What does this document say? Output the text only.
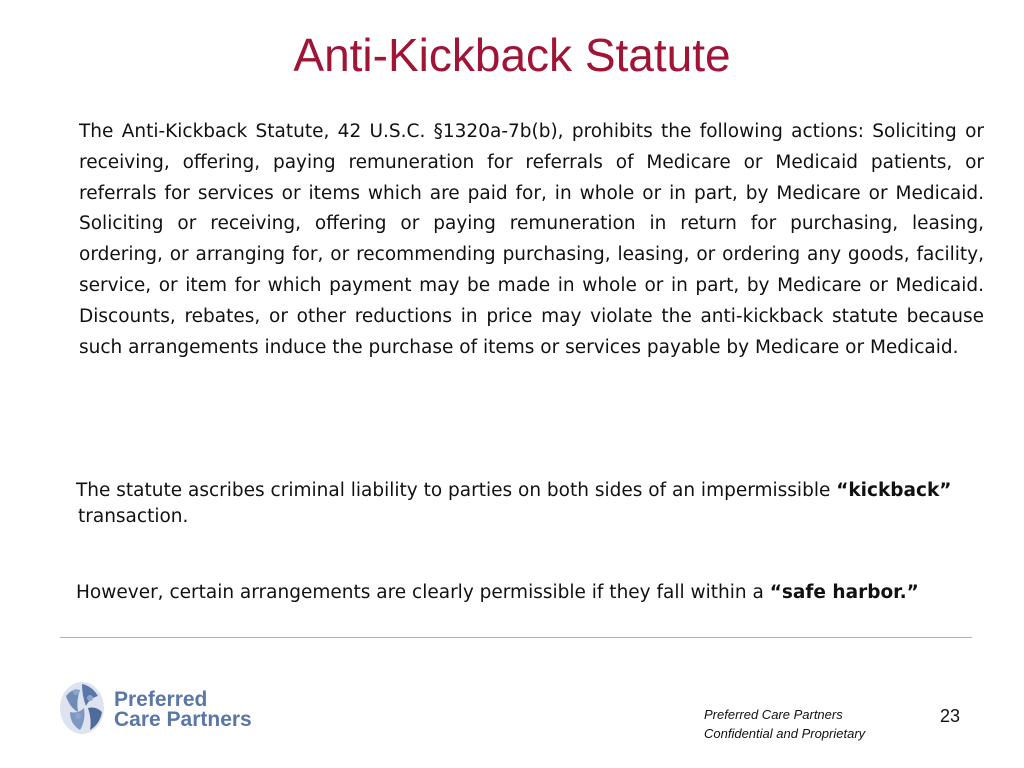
Anti-Kickback Statute

The Anti-Kickback Statute, 42 U.S.C. §1320a-7b(b), prohibits the following actions: Soliciting or receiving, offering, paying remuneration for referrals of Medicare or Medicaid patients, or referrals for services or items which are paid for, in whole or in part, by Medicare or Medicaid. Soliciting or receiving, offering or paying remuneration in return for purchasing, leasing, ordering, or arranging for, or recommending purchasing, leasing, or ordering any goods, facility, service, or item for which payment may be made in whole or in part, by Medicare or Medicaid. Discounts, rebates, or other reductions in price may violate the anti-kickback statute because such arrangements induce the purchase of items or services payable by Medicare or Medicaid.

The statute ascribes criminal liability to parties on both sides of an impermissible “kickback” transaction.

However, certain arrangements are clearly permissible if they fall within a “safe harbor.”

Preferred
Care Partners	Preferred Care Partners
Confidential and Proprietary
23
